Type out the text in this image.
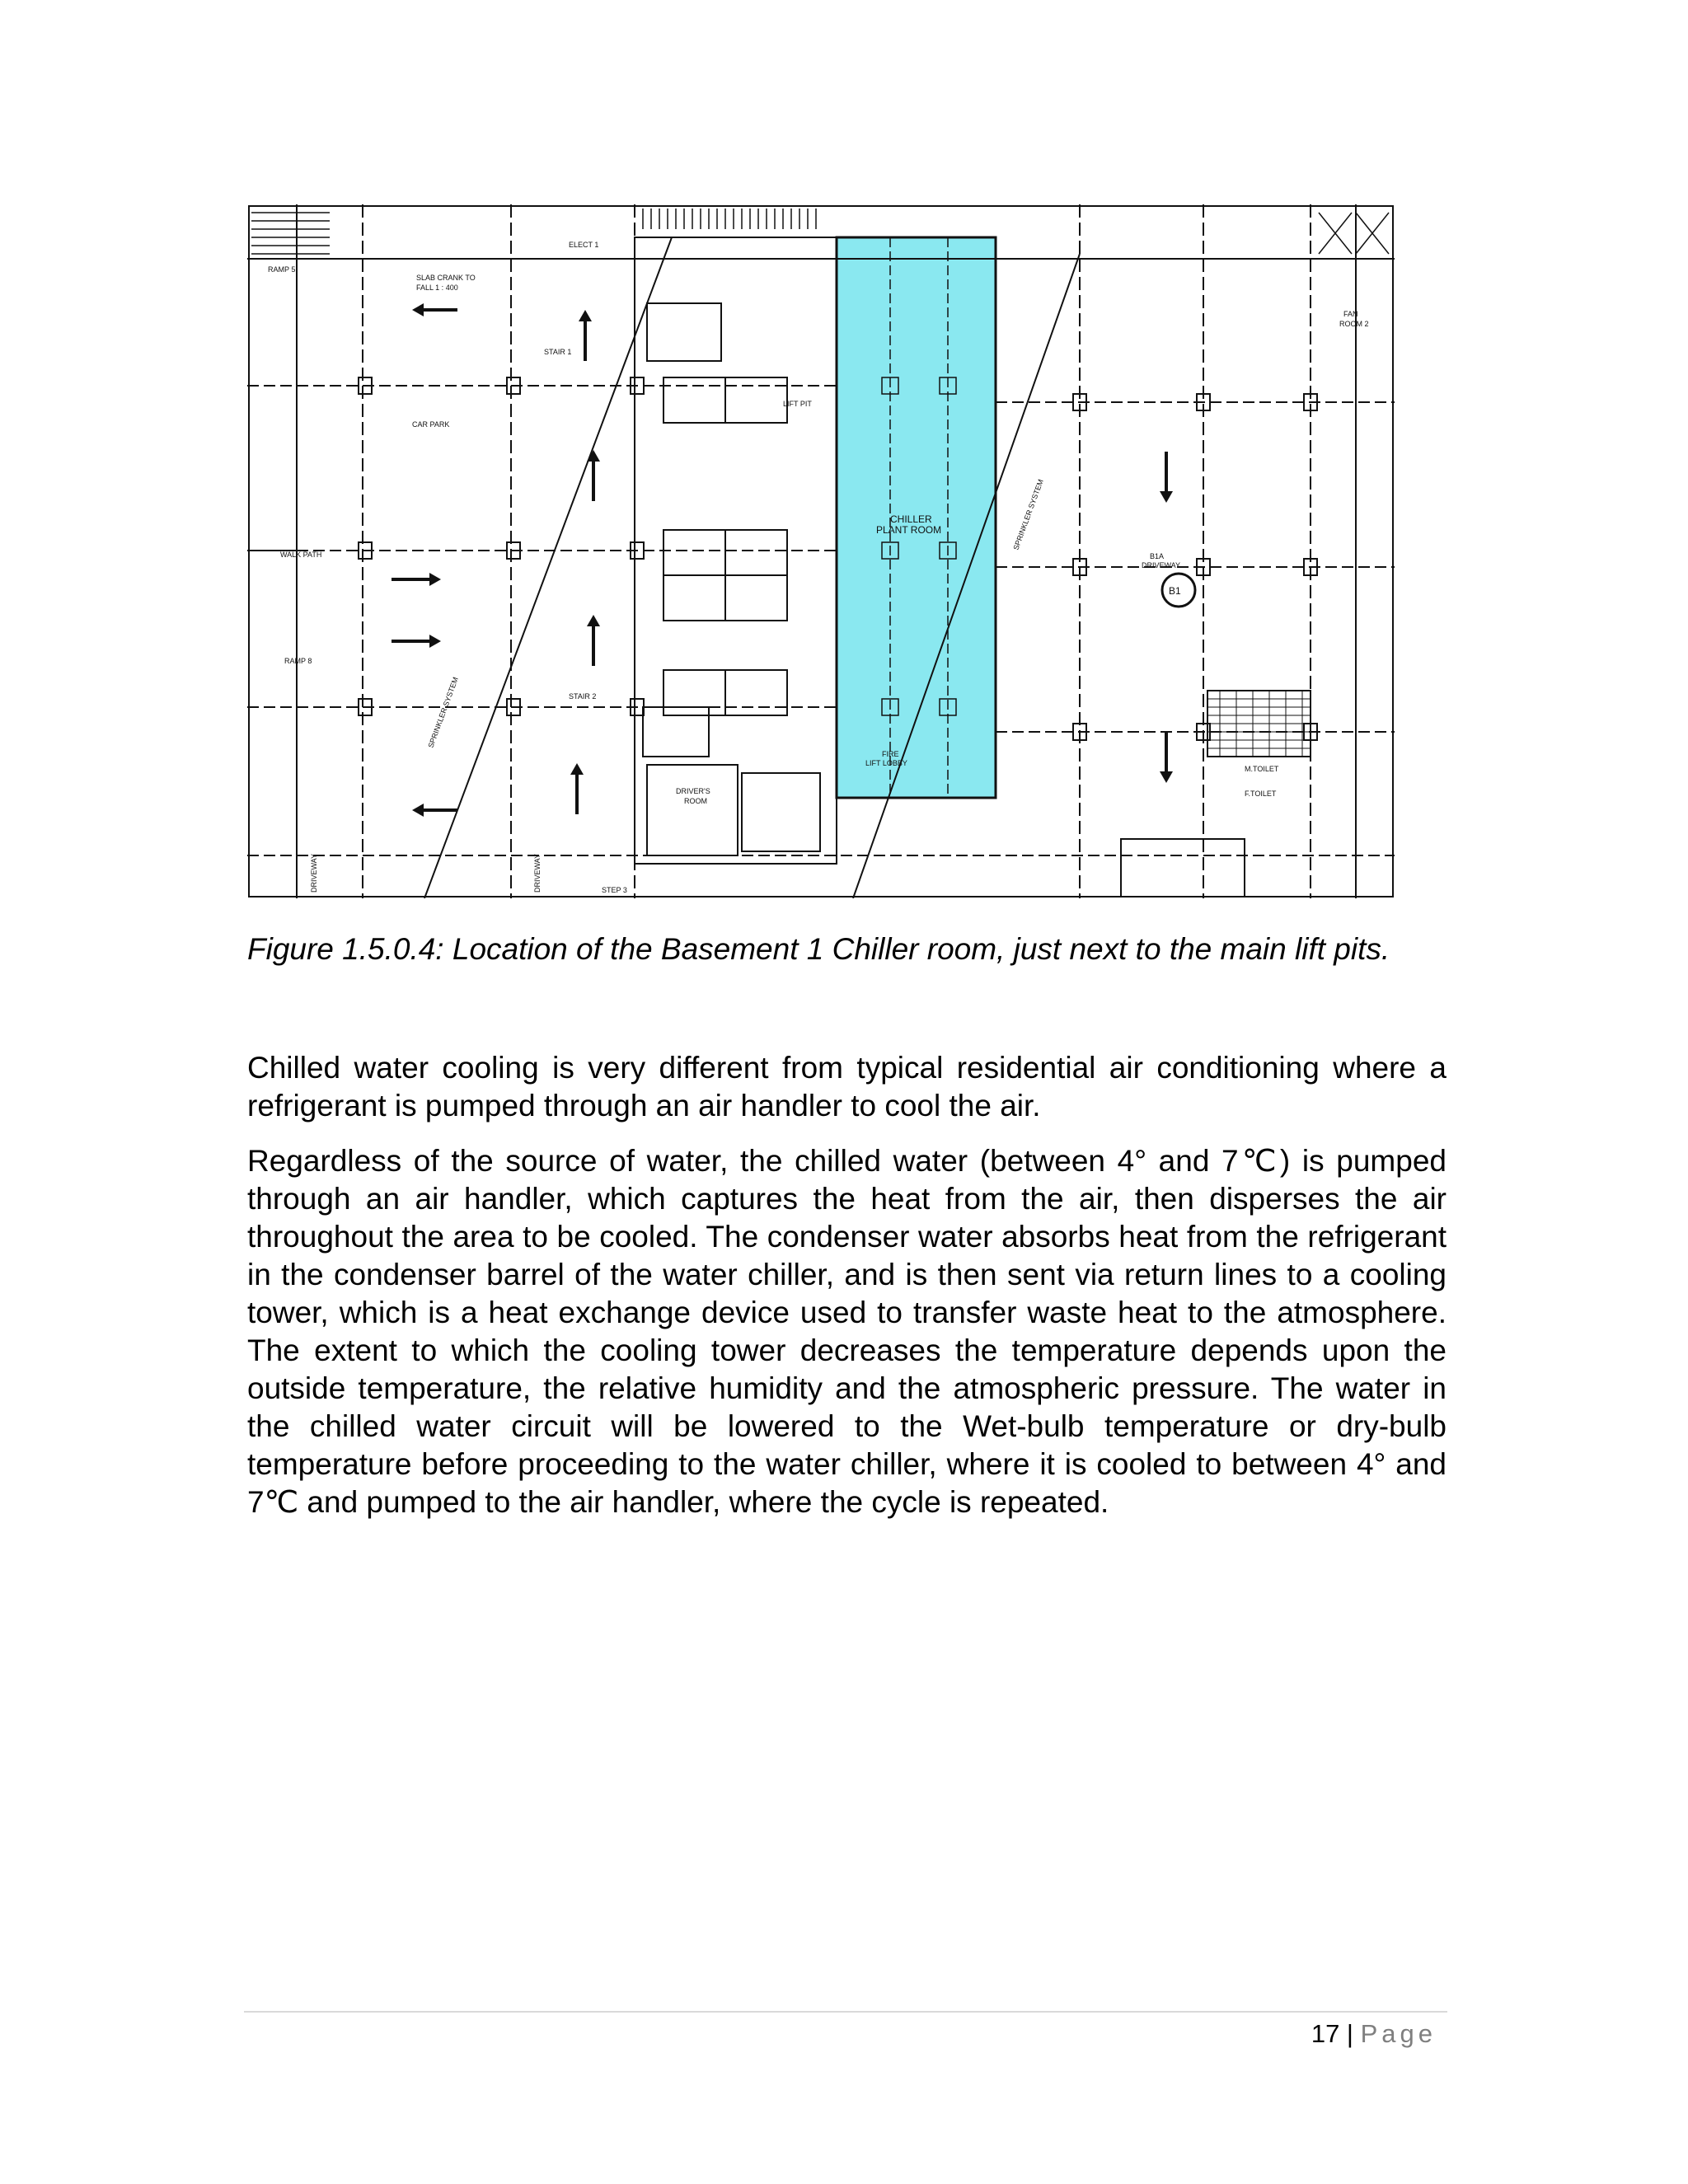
ELECT 1
RAMP 5
SLAB CRANK TO
FALL 1 : 400
CAR PARK
STAIR 1
STAIR 2
STEP 3
WALK PATH
RAMP 8
CHILLER
PLANT ROOM
FIRE
LIFT LOBBY
DRIVER'S
ROOM
B1A
DRIVEWAY
B1
FAN
ROOM 2
M.TOILET
F.TOILET
SPRINKLER SYSTEM
SPRINKLER SYSTEM
DRIVEWAY	DRIVEWAY
LIFT PIT
Figure 1.5.0.4: Location of the Basement 1 Chiller room, just next to the main lift pits.
Chilled water cooling is very different from typical residential air conditioning where a refrigerant is pumped through an air handler to cool the air.
Regardless of the source of water, the chilled water (between 4° and 7℃) is pumped through an air handler, which captures the heat from the air, then disperses the air throughout the area to be cooled. The condenser water absorbs heat from the refrigerant in the condenser barrel of the water chiller, and is then sent via return lines to a cooling tower, which is a heat exchange device used to transfer waste heat to the atmosphere. The extent to which the cooling tower decreases the temperature depends upon the outside temperature, the relative humidity and the atmospheric pressure. The water in the chilled water circuit will be lowered to the Wet-bulb temperature or dry-bulb temperature before proceeding to the water chiller, where it is cooled to between 4° and 7℃ and pumped to the air handler, where the cycle is repeated.
17 | Page
